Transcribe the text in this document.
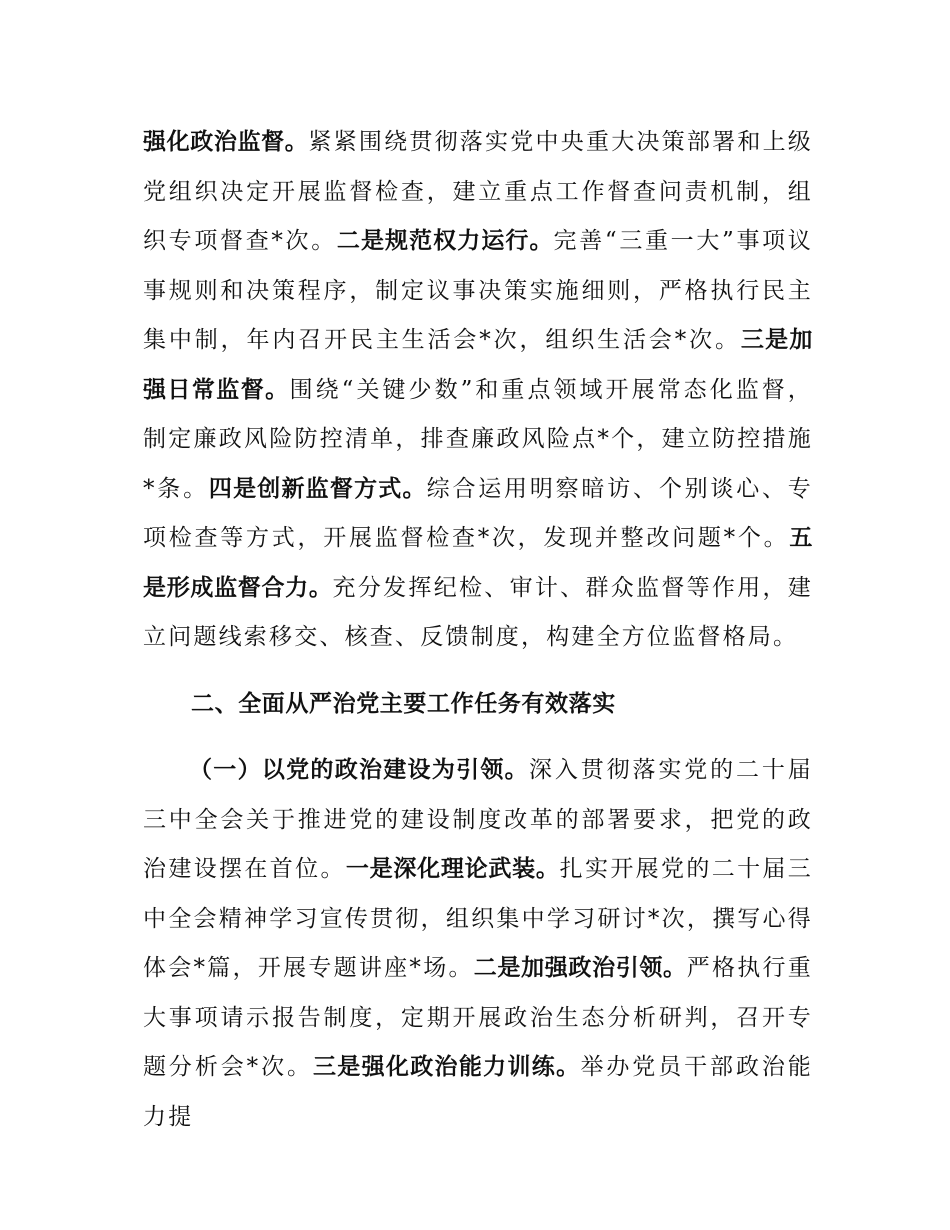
强化政治监督。紧紧围绕贯彻落实党中央重大决策部署和上级党组织决定开展监督检查，建立重点工作督查问责机制，组织专项督查*次。二是规范权力运行。完善“三重一大”事项议事规则和决策程序，制定议事决策实施细则，严格执行民主集中制，年内召开民主生活会*次，组织生活会*次。三是加强日常监督。围绕“关键少数”和重点领域开展常态化监督，制定廉政风险防控清单，排查廉政风险点*个，建立防控措施*条。四是创新监督方式。综合运用明察暗访、个别谈心、专项检查等方式，开展监督检查*次，发现并整改问题*个。五是形成监督合力。充分发挥纪检、审计、群众监督等作用，建立问题线索移交、核查、反馈制度，构建全方位监督格局。

二、全面从严治党主要工作任务有效落实

（一）以党的政治建设为引领。深入贯彻落实党的二十届三中全会关于推进党的建设制度改革的部署要求，把党的政治建设摆在首位。一是深化理论武装。扎实开展党的二十届三中全会精神学习宣传贯彻，组织集中学习研讨*次，撰写心得体会*篇，开展专题讲座*场。二是加强政治引领。严格执行重大事项请示报告制度，定期开展政治生态分析研判，召开专题分析会*次。三是强化政治能力训练。举办党员干部政治能力提
